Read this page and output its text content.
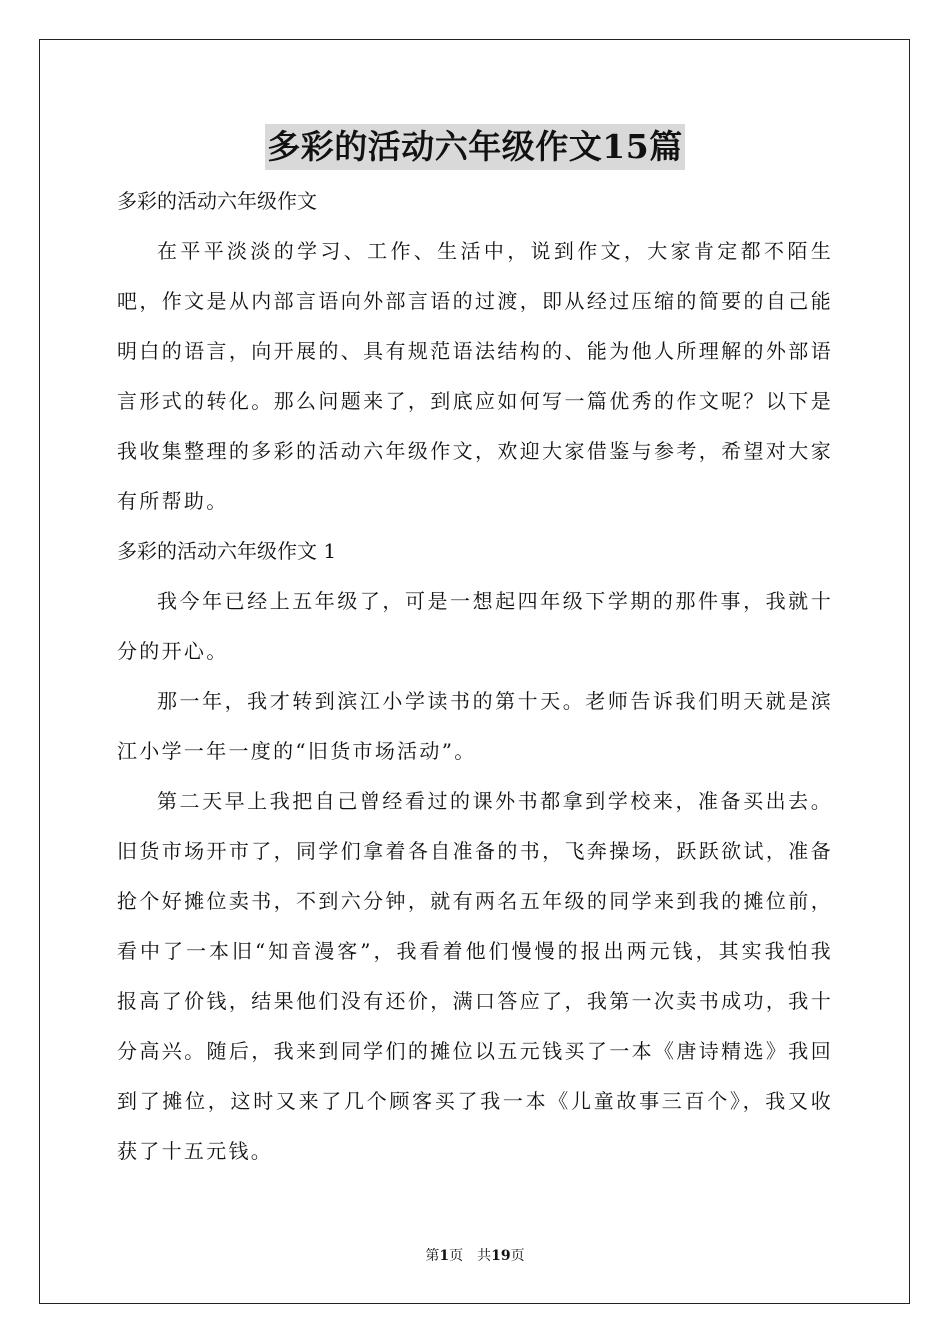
多彩的活动六年级作文15篇

多彩的活动六年级作文

在平平淡淡的学习、工作、生活中，说到作文，大家肯定都不陌生吧，作文是从内部言语向外部言语的过渡，即从经过压缩的简要的自己能明白的语言，向开展的、具有规范语法结构的、能为他人所理解的外部语言形式的转化。那么问题来了，到底应如何写一篇优秀的作文呢？以下是我收集整理的多彩的活动六年级作文，欢迎大家借鉴与参考，希望对大家有所帮助。

多彩的活动六年级作文 1

我今年已经上五年级了，可是一想起四年级下学期的那件事，我就十分的开心。

那一年，我才转到滨江小学读书的第十天。老师告诉我们明天就是滨江小学一年一度的“旧货市场活动”。

第二天早上我把自己曾经看过的课外书都拿到学校来，准备买出去。旧货市场开市了，同学们拿着各自准备的书，飞奔操场，跃跃欲试，准备抢个好摊位卖书，不到六分钟，就有两名五年级的同学来到我的摊位前，看中了一本旧“知音漫客”，我看着他们慢慢的报出两元钱，其实我怕我报高了价钱，结果他们没有还价，满口答应了，我第一次卖书成功，我十分高兴。随后，我来到同学们的摊位以五元钱买了一本《唐诗精选》我回到了摊位，这时又来了几个顾客买了我一本《儿童故事三百个》，我又收获了十五元钱。

第1页　共19页
